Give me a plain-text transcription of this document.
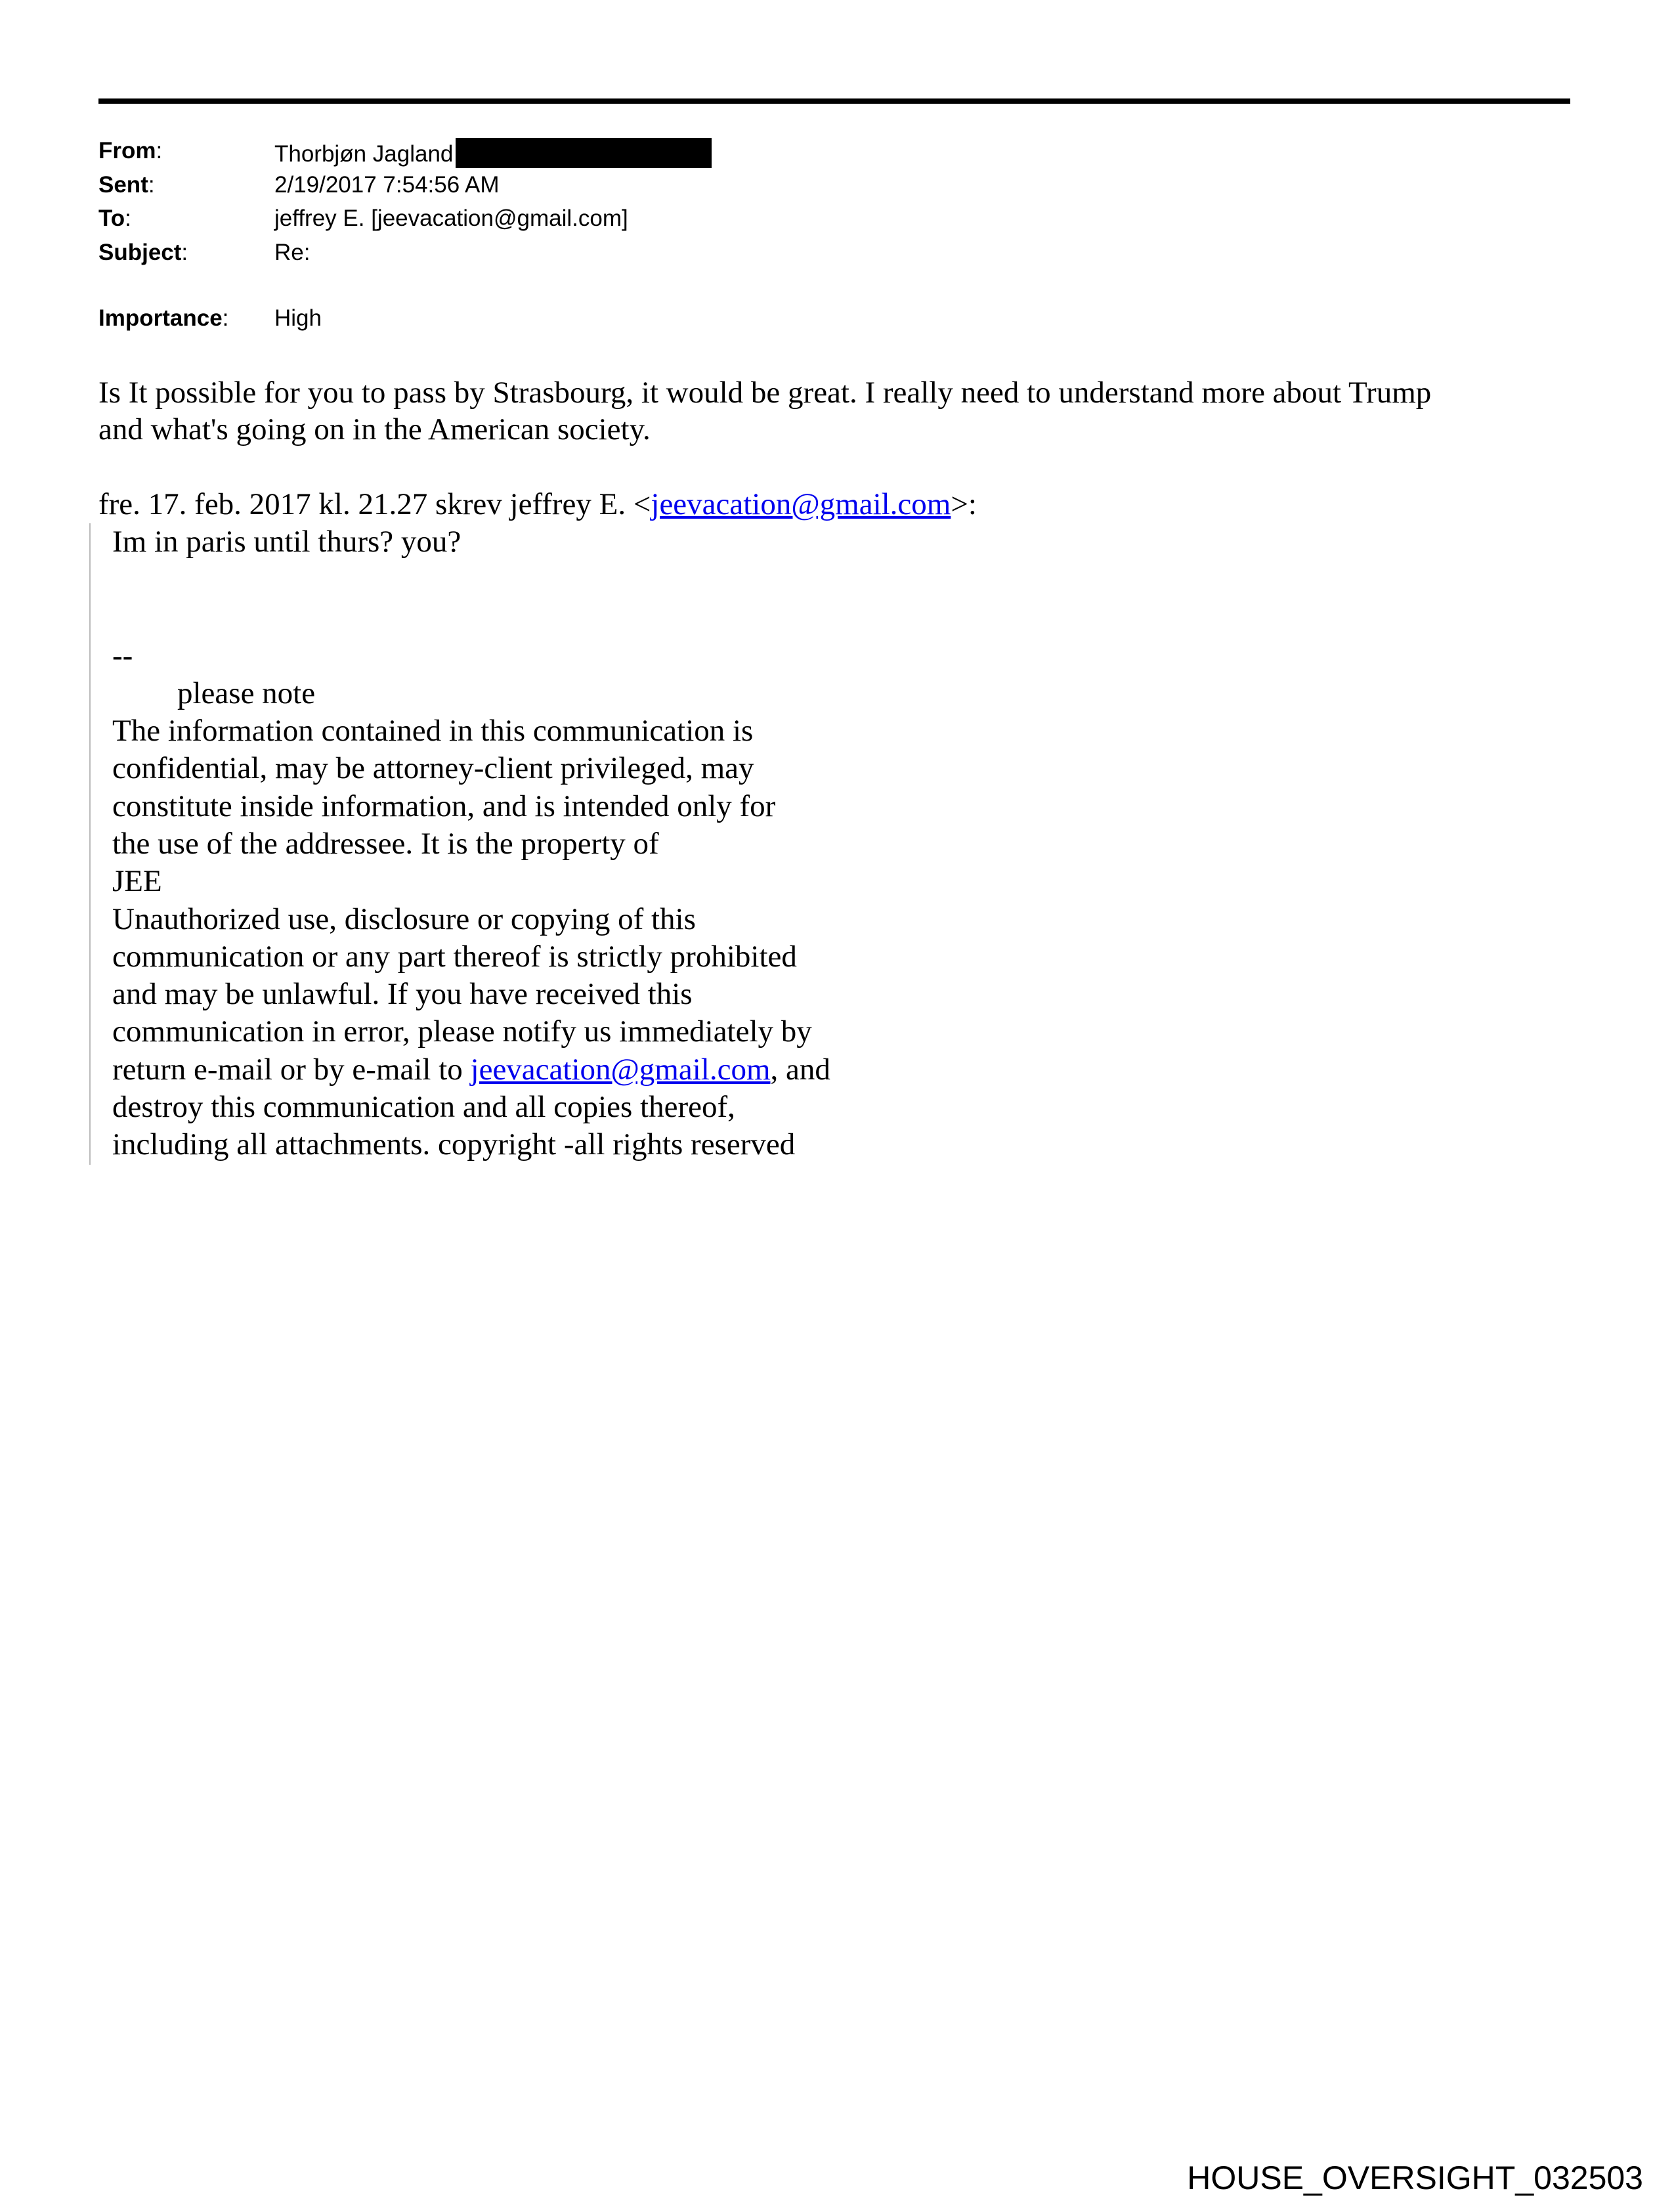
From:	Thorbjøn Jagland
Sent:	2/19/2017 7:54:56 AM
To:	jeffrey E. [jeevacation@gmail.com]
Subject:	Re:
Importance: High
Is It possible for you to pass by Strasbourg, it would be great. I really need to understand more about Trump
and what's going on in the American society.
fre. 17. feb. 2017 kl. 21.27 skrev jeffrey E. <jeevacation@gmail.com>:
Im in paris until thurs? you?
--
please note
The information contained in this communication is
confidential, may be attorney-client privileged, may
constitute inside information, and is intended only for
the use of the addressee. It is the property of
JEE
Unauthorized use, disclosure or copying of this
communication or any part thereof is strictly prohibited
and may be unlawful. If you have received this
communication in error, please notify us immediately by
return e-mail or by e-mail to jeevacation@gmail.com, and
destroy this communication and all copies thereof,
including all attachments. copyright -all rights reserved
HOUSE_OVERSIGHT_032503
